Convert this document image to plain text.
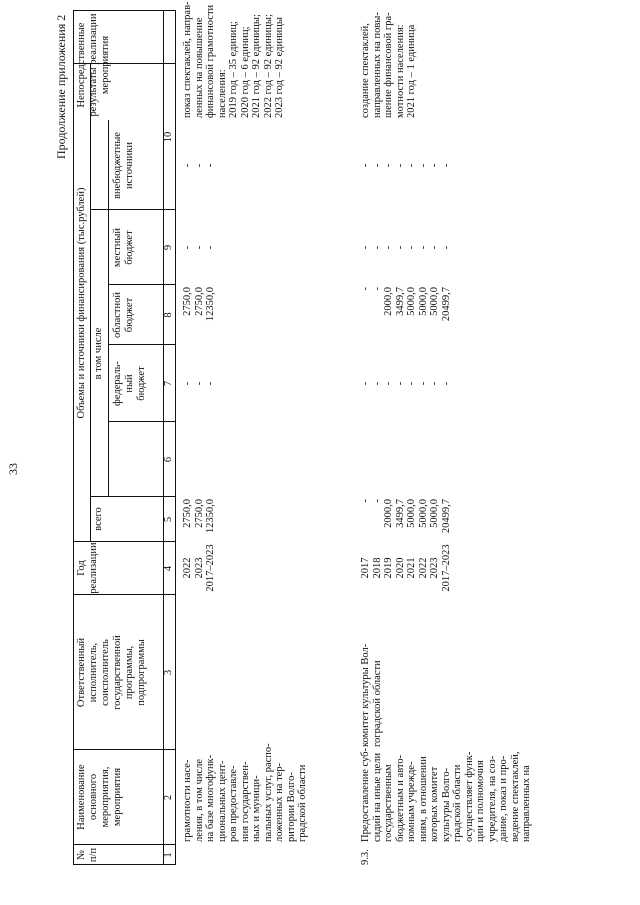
33
Продолжение приложения 2
№ п/п
Наименование основного мероприятия, мероприятия
Ответственный исполнитель, соисполнитель государственной программы, подпрограммы
Год реализации
Объемы и источники финансирования (тыс.рублей)
всего
в том числе
федераль- ный бюджет
областной бюджет
местный бюджет
внебюджетные источники
Непосредственные результаты реализации мероприятия
1
2
3
4
5
6
7
8
9
10
грамотности насе- ления, в том числе на базе многофунк- циональных цент- ров предоставле- ния государствен- ных и муници- пальных услуг, распо- ложенных на тер- ритории Волго- градской области
2022 2023 2017–2023
2750,0 2750,0 12350,0
- - -
2750,0 2750,0 12350,0
- - -
- - -
показ спектаклей, направ- ленных на повышение финансовой грамотности населения: 2019 год – 35 единиц; 2020 год – 6 единиц; 2021 год – 92 единицы; 2022 год – 92 единицы; 2023 год – 92 единицы
9.3.
Предоставление суб- сидий на иные цели государственным бюджетным и авто- номным учрежде- ниям, в отношении которых комитет культуры Волго- градской области осуществляет функ- ции и полномочия учредителя, на соз- дание, показ и про- ведение спектаклей, направленных на
комитет культуры Вол- гоградской области
2017 2018 2019 2020 2021 2022 2023 2017–2023
- - 2000,0 3499,7 5000,0 5000,0 5000,0 20499,7
- - - - - - - -
- - 2000,0 3499,7 5000,0 5000,0 5000,0 20499,7
- - - - - - - -
- - - - - - - -
создание спектаклей, направленных на повы- шение финансовой гра- мотности населения: 2021 год – 1 единица
